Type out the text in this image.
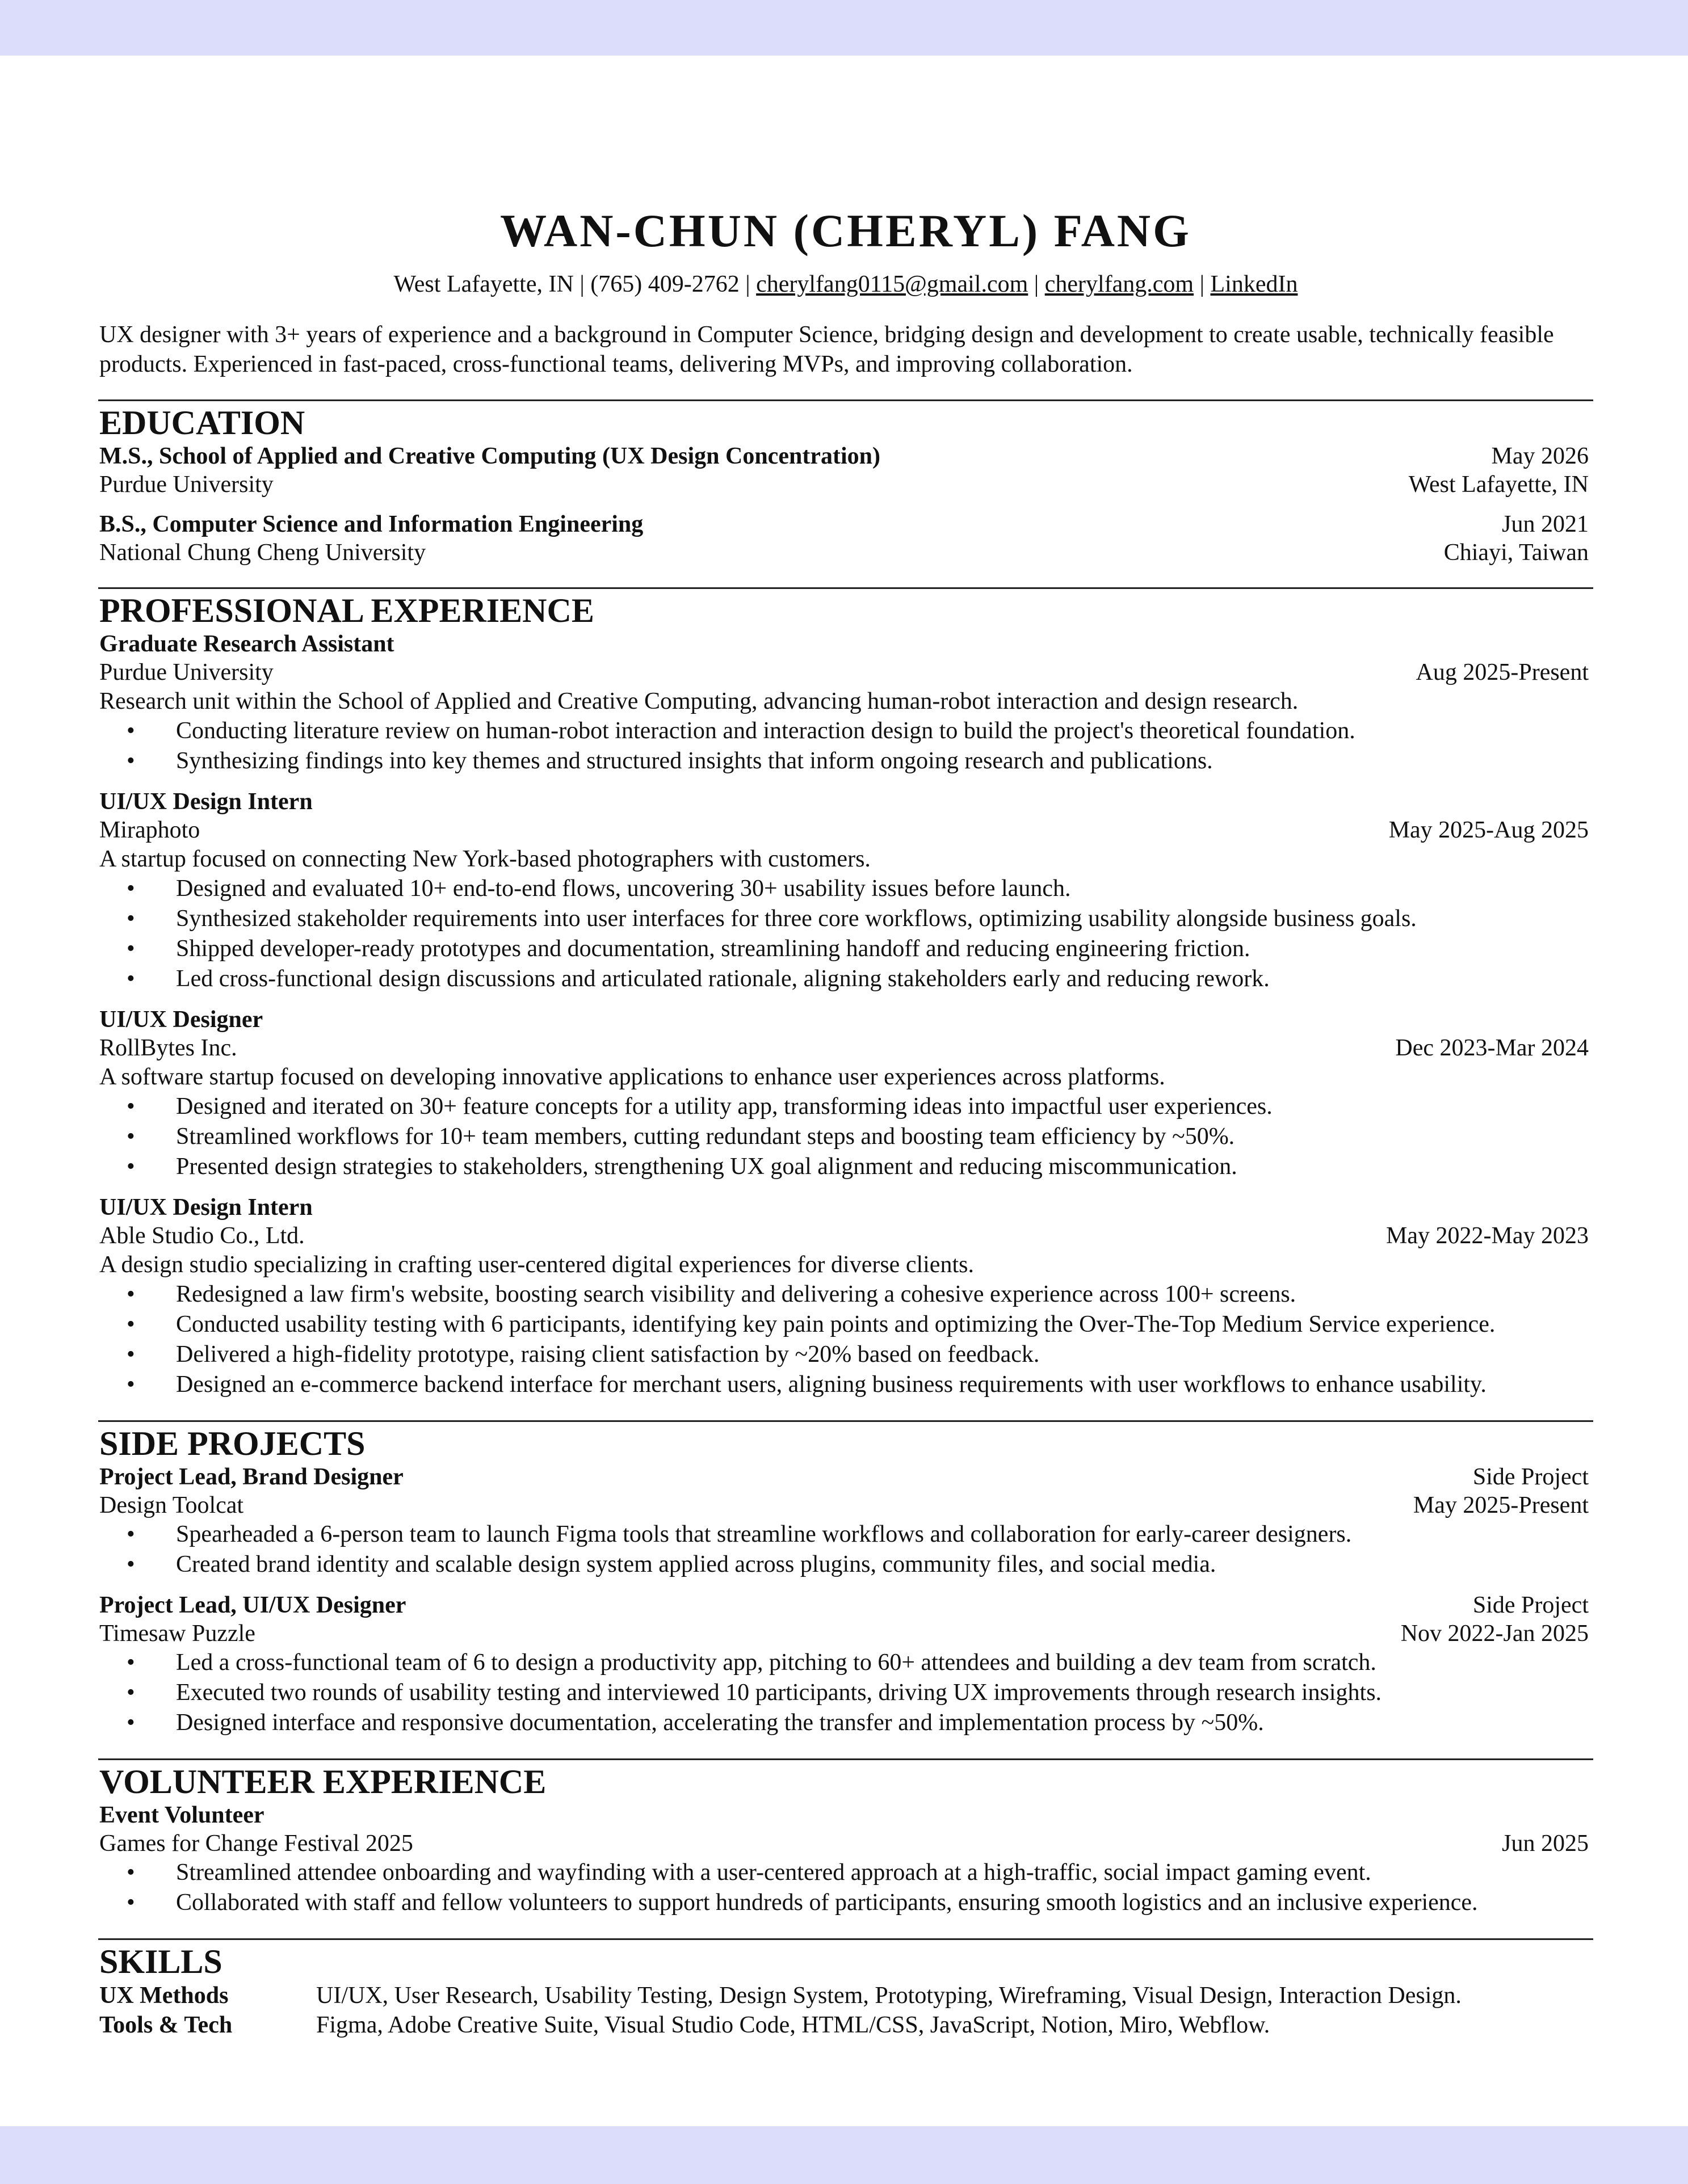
WAN-CHUN (CHERYL) FANG
West Lafayette, IN | (765) 409-2762 | cherylfang0115@gmail.com | cherylfang.com | LinkedIn
UX designer with 3+ years of experience and a background in Computer Science, bridging design and development to create usable, technically feasible products. Experienced in fast-paced, cross-functional teams, delivering MVPs, and improving collaboration.
EDUCATION
M.S., School of Applied and Creative Computing (UX Design Concentration)	May 2026
Purdue University	West Lafayette, IN
B.S., Computer Science and Information Engineering	Jun 2021
National Chung Cheng University	Chiayi, Taiwan
PROFESSIONAL EXPERIENCE
Graduate Research Assistant
Purdue University	Aug 2025-Present
Research unit within the School of Applied and Creative Computing, advancing human-robot interaction and design research.
• Conducting literature review on human-robot interaction and interaction design to build the project's theoretical foundation.
• Synthesizing findings into key themes and structured insights that inform ongoing research and publications.
UI/UX Design Intern
Miraphoto	May 2025-Aug 2025
A startup focused on connecting New York-based photographers with customers.
• Designed and evaluated 10+ end-to-end flows, uncovering 30+ usability issues before launch.
• Synthesized stakeholder requirements into user interfaces for three core workflows, optimizing usability alongside business goals.
• Shipped developer-ready prototypes and documentation, streamlining handoff and reducing engineering friction.
• Led cross-functional design discussions and articulated rationale, aligning stakeholders early and reducing rework.
UI/UX Designer
RollBytes Inc.	Dec 2023-Mar 2024
A software startup focused on developing innovative applications to enhance user experiences across platforms.
• Designed and iterated on 30+ feature concepts for a utility app, transforming ideas into impactful user experiences.
• Streamlined workflows for 10+ team members, cutting redundant steps and boosting team efficiency by ~50%.
• Presented design strategies to stakeholders, strengthening UX goal alignment and reducing miscommunication.
UI/UX Design Intern
Able Studio Co., Ltd.	May 2022-May 2023
A design studio specializing in crafting user-centered digital experiences for diverse clients.
• Redesigned a law firm's website, boosting search visibility and delivering a cohesive experience across 100+ screens.
• Conducted usability testing with 6 participants, identifying key pain points and optimizing the Over-The-Top Medium Service experience.
• Delivered a high-fidelity prototype, raising client satisfaction by ~20% based on feedback.
• Designed an e-commerce backend interface for merchant users, aligning business requirements with user workflows to enhance usability.
SIDE PROJECTS
Project Lead, Brand Designer	Side Project
Design Toolcat	May 2025-Present
• Spearheaded a 6-person team to launch Figma tools that streamline workflows and collaboration for early-career designers.
• Created brand identity and scalable design system applied across plugins, community files, and social media.
Project Lead, UI/UX Designer	Side Project
Timesaw Puzzle	Nov 2022-Jan 2025
• Led a cross-functional team of 6 to design a productivity app, pitching to 60+ attendees and building a dev team from scratch.
• Executed two rounds of usability testing and interviewed 10 participants, driving UX improvements through research insights.
• Designed interface and responsive documentation, accelerating the transfer and implementation process by ~50%.
VOLUNTEER EXPERIENCE
Event Volunteer
Games for Change Festival 2025	Jun 2025
• Streamlined attendee onboarding and wayfinding with a user-centered approach at a high-traffic, social impact gaming event.
• Collaborated with staff and fellow volunteers to support hundreds of participants, ensuring smooth logistics and an inclusive experience.
SKILLS
UX Methods	UI/UX, User Research, Usability Testing, Design System, Prototyping, Wireframing, Visual Design, Interaction Design.
Tools & Tech	Figma, Adobe Creative Suite, Visual Studio Code, HTML/CSS, JavaScript, Notion, Miro, Webflow.
